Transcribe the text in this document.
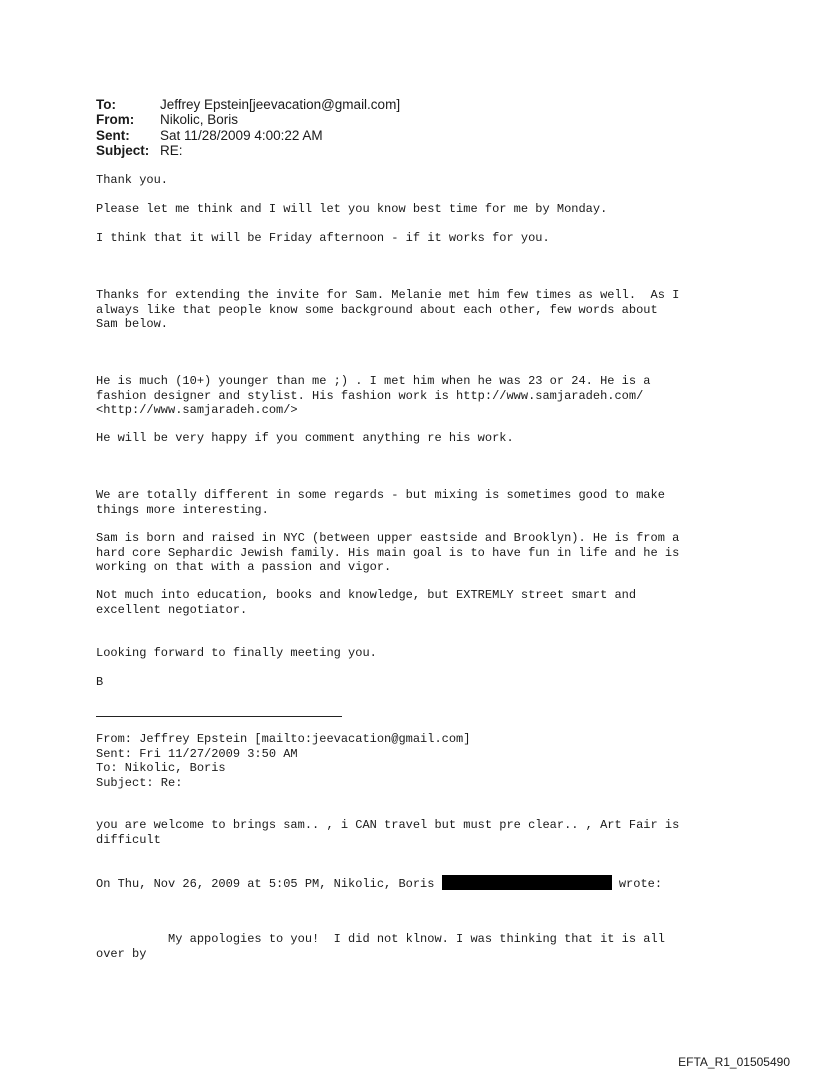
To:	Jeffrey Epstein[jeevacation@gmail.com]
From:	Nikolic, Boris
Sent:	Sat 11/28/2009 4:00:22 AM
Subject: RE:
Thank you.
Please let me think and I will let you know best time for me by Monday.
I think that it will be Friday afternoon - if it works for you.
Thanks for extending the invite for Sam. Melanie met him few times as well.  As I
always like that people know some background about each other, few words about
Sam below.
He is much (10+) younger than me ;) . I met him when he was 23 or 24. He is a
fashion designer and stylist. His fashion work is http://www.samjaradeh.com/
<http://www.samjaradeh.com/>
He will be very happy if you comment anything re his work.
We are totally different in some regards - but mixing is sometimes good to make
things more interesting.
Sam is born and raised in NYC (between upper eastside and Brooklyn). He is from a
hard core Sephardic Jewish family. His main goal is to have fun in life and he is
working on that with a passion and vigor.
Not much into education, books and knowledge, but EXTREMLY street smart and
excellent negotiator.
Looking forward to finally meeting you.
B
From: Jeffrey Epstein [mailto:jeevacation@gmail.com]
Sent: Fri 11/27/2009 3:50 AM
To: Nikolic, Boris
Subject: Re:
you are welcome to brings sam.. , i CAN travel but must pre clear.. , Art Fair is
difficult
On Thu, Nov 26, 2009 at 5:05 PM, Nikolic, Boris	wrote:
My appologies to you!  I did not klnow. I was thinking that it is all
over by
EFTA_R1_01505490
